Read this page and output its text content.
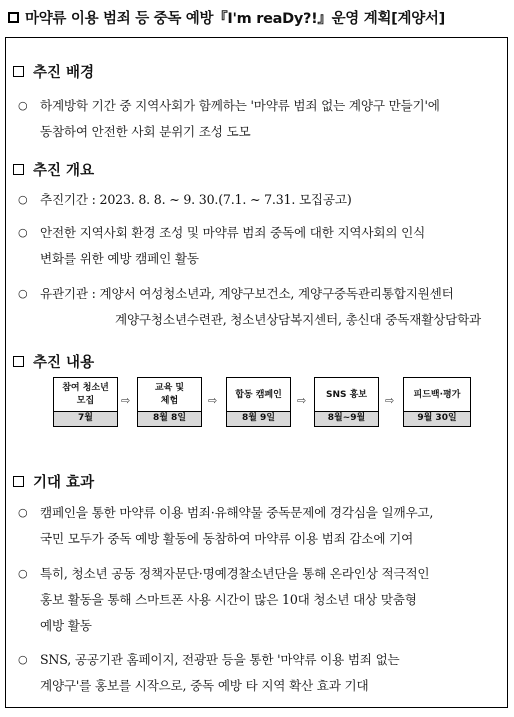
마약류 이용 범죄 등 중독 예방『I'm reaDy?!』운영 계획[계양서]
추진 배경
○ 하계방학 기간 중 지역사회가 함께하는 '마약류 범죄 없는 계양구 만들기'에
동참하여 안전한 사회 분위기 조성 도모
추진 개요
○ 추진기간 : 2023. 8. 8. ~ 9. 30.(7.1. ~ 7.31. 모집공고)
○ 안전한 지역사회 환경 조성 및 마약류 범죄 중독에 대한 지역사회의 인식
변화를 위한 예방 캠페인 활동
○ 유관기관 : 계양서 여성청소년과, 계양구보건소, 계양구중독관리통합지원센터
계양구청소년수련관, 청소년상담복지센터, 총신대 중독재활상담학과
추진 내용
참여 청소년
모집
7월
⇨
교육 및
체험
8월 8일
⇨ 합동 캠페인
8월 9일
⇨ SNS 홍보
8월~9월
⇨ 피드백·평가
9월 30일
기대 효과
○ 캠페인을 통한 마약류 이용 범죄·유해약물 중독문제에 경각심을 일깨우고,
국민 모두가 중독 예방 활동에 동참하여 마약류 이용 범죄 감소에 기여
○ 특히, 청소년 공동 정책자문단·명예경찰소년단을 통해 온라인상 적극적인
홍보 활동을 통해 스마트폰 사용 시간이 많은 10대 청소년 대상 맞춤형
예방 활동
○ SNS, 공공기관 홈페이지, 전광판 등을 통한 '마약류 이용 범죄 없는
계양구'를 홍보를 시작으로, 중독 예방 타 지역 확산 효과 기대
